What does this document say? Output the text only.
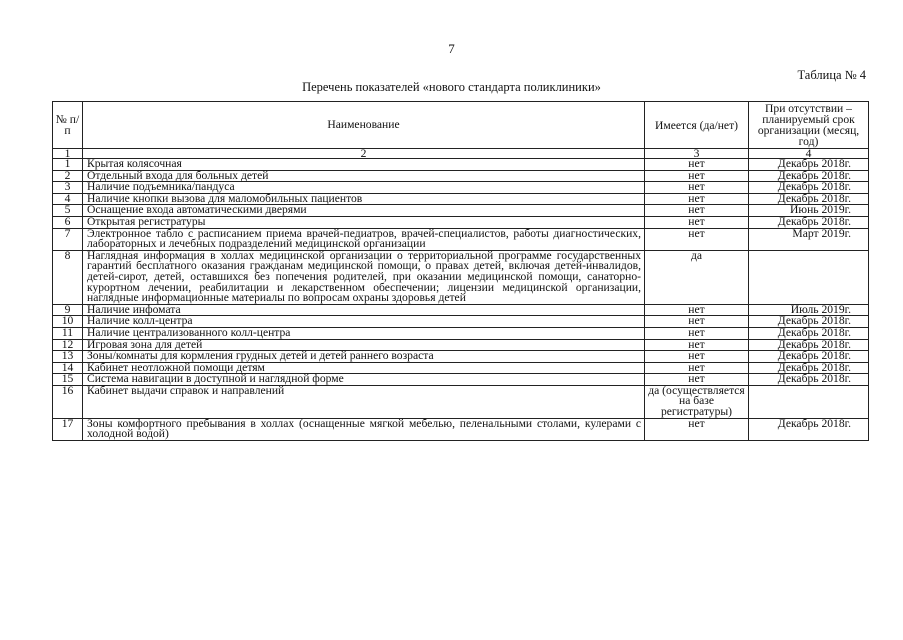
7
Таблица № 4
Перечень показателей «нового стандарта поликлиники»
№ п/п	Наименование	Имеется (да/нет)	При отсутствии – планируемый срок организации (месяц, год)
1	2	3	4
1	Крытая колясочная	нет	Декабрь 2018г.
2	Отдельный входа для больных детей	нет	Декабрь 2018г.
3	Наличие подъемника/пандуса	нет	Декабрь 2018г.
4	Наличие кнопки вызова для маломобильных пациентов	нет	Декабрь 2018г.
5	Оснащение входа автоматическими дверями	нет	Июнь 2019г.
6	Открытая регистратуры	нет	Декабрь 2018г.
7	Электронное табло с расписанием приема врачей-педиатров, врачей-специалистов, работы диагностических, лабораторных и лечебных подразделений медицинской организации	нет	Март 2019г.
8	Наглядная информация в холлах медицинской организации о территориальной программе государственных гарантий бесплатного оказания гражданам медицинской помощи, о правах детей, включая детей-инвалидов, детей-сирот, детей, оставшихся без попечения родителей, при оказании медицинской помощи, санаторно-курортном лечении, реабилитации и лекарственном обеспечении; лицензии медицинской организации, наглядные информационные материалы по вопросам охраны здоровья детей	да	
9	Наличие инфомата	нет	Июль 2019г.
10	Наличие колл-центра	нет	Декабрь 2018г.
11	Наличие централизованного колл-центра	нет	Декабрь 2018г.
12	Игровая зона для детей	нет	Декабрь 2018г.
13	Зоны/комнаты для кормления грудных детей и детей раннего возраста	нет	Декабрь 2018г.
14	Кабинет неотложной помощи детям	нет	Декабрь 2018г.
15	Система навигации в доступной и наглядной форме	нет	Декабрь 2018г.
16	Кабинет выдачи справок и направлений	да (осуществляется на базе регистратуры)	
17	Зоны комфортного пребывания в холлах (оснащенные мягкой мебелью, пеленальными столами, кулерами с холодной водой)	нет	Декабрь 2018г.
